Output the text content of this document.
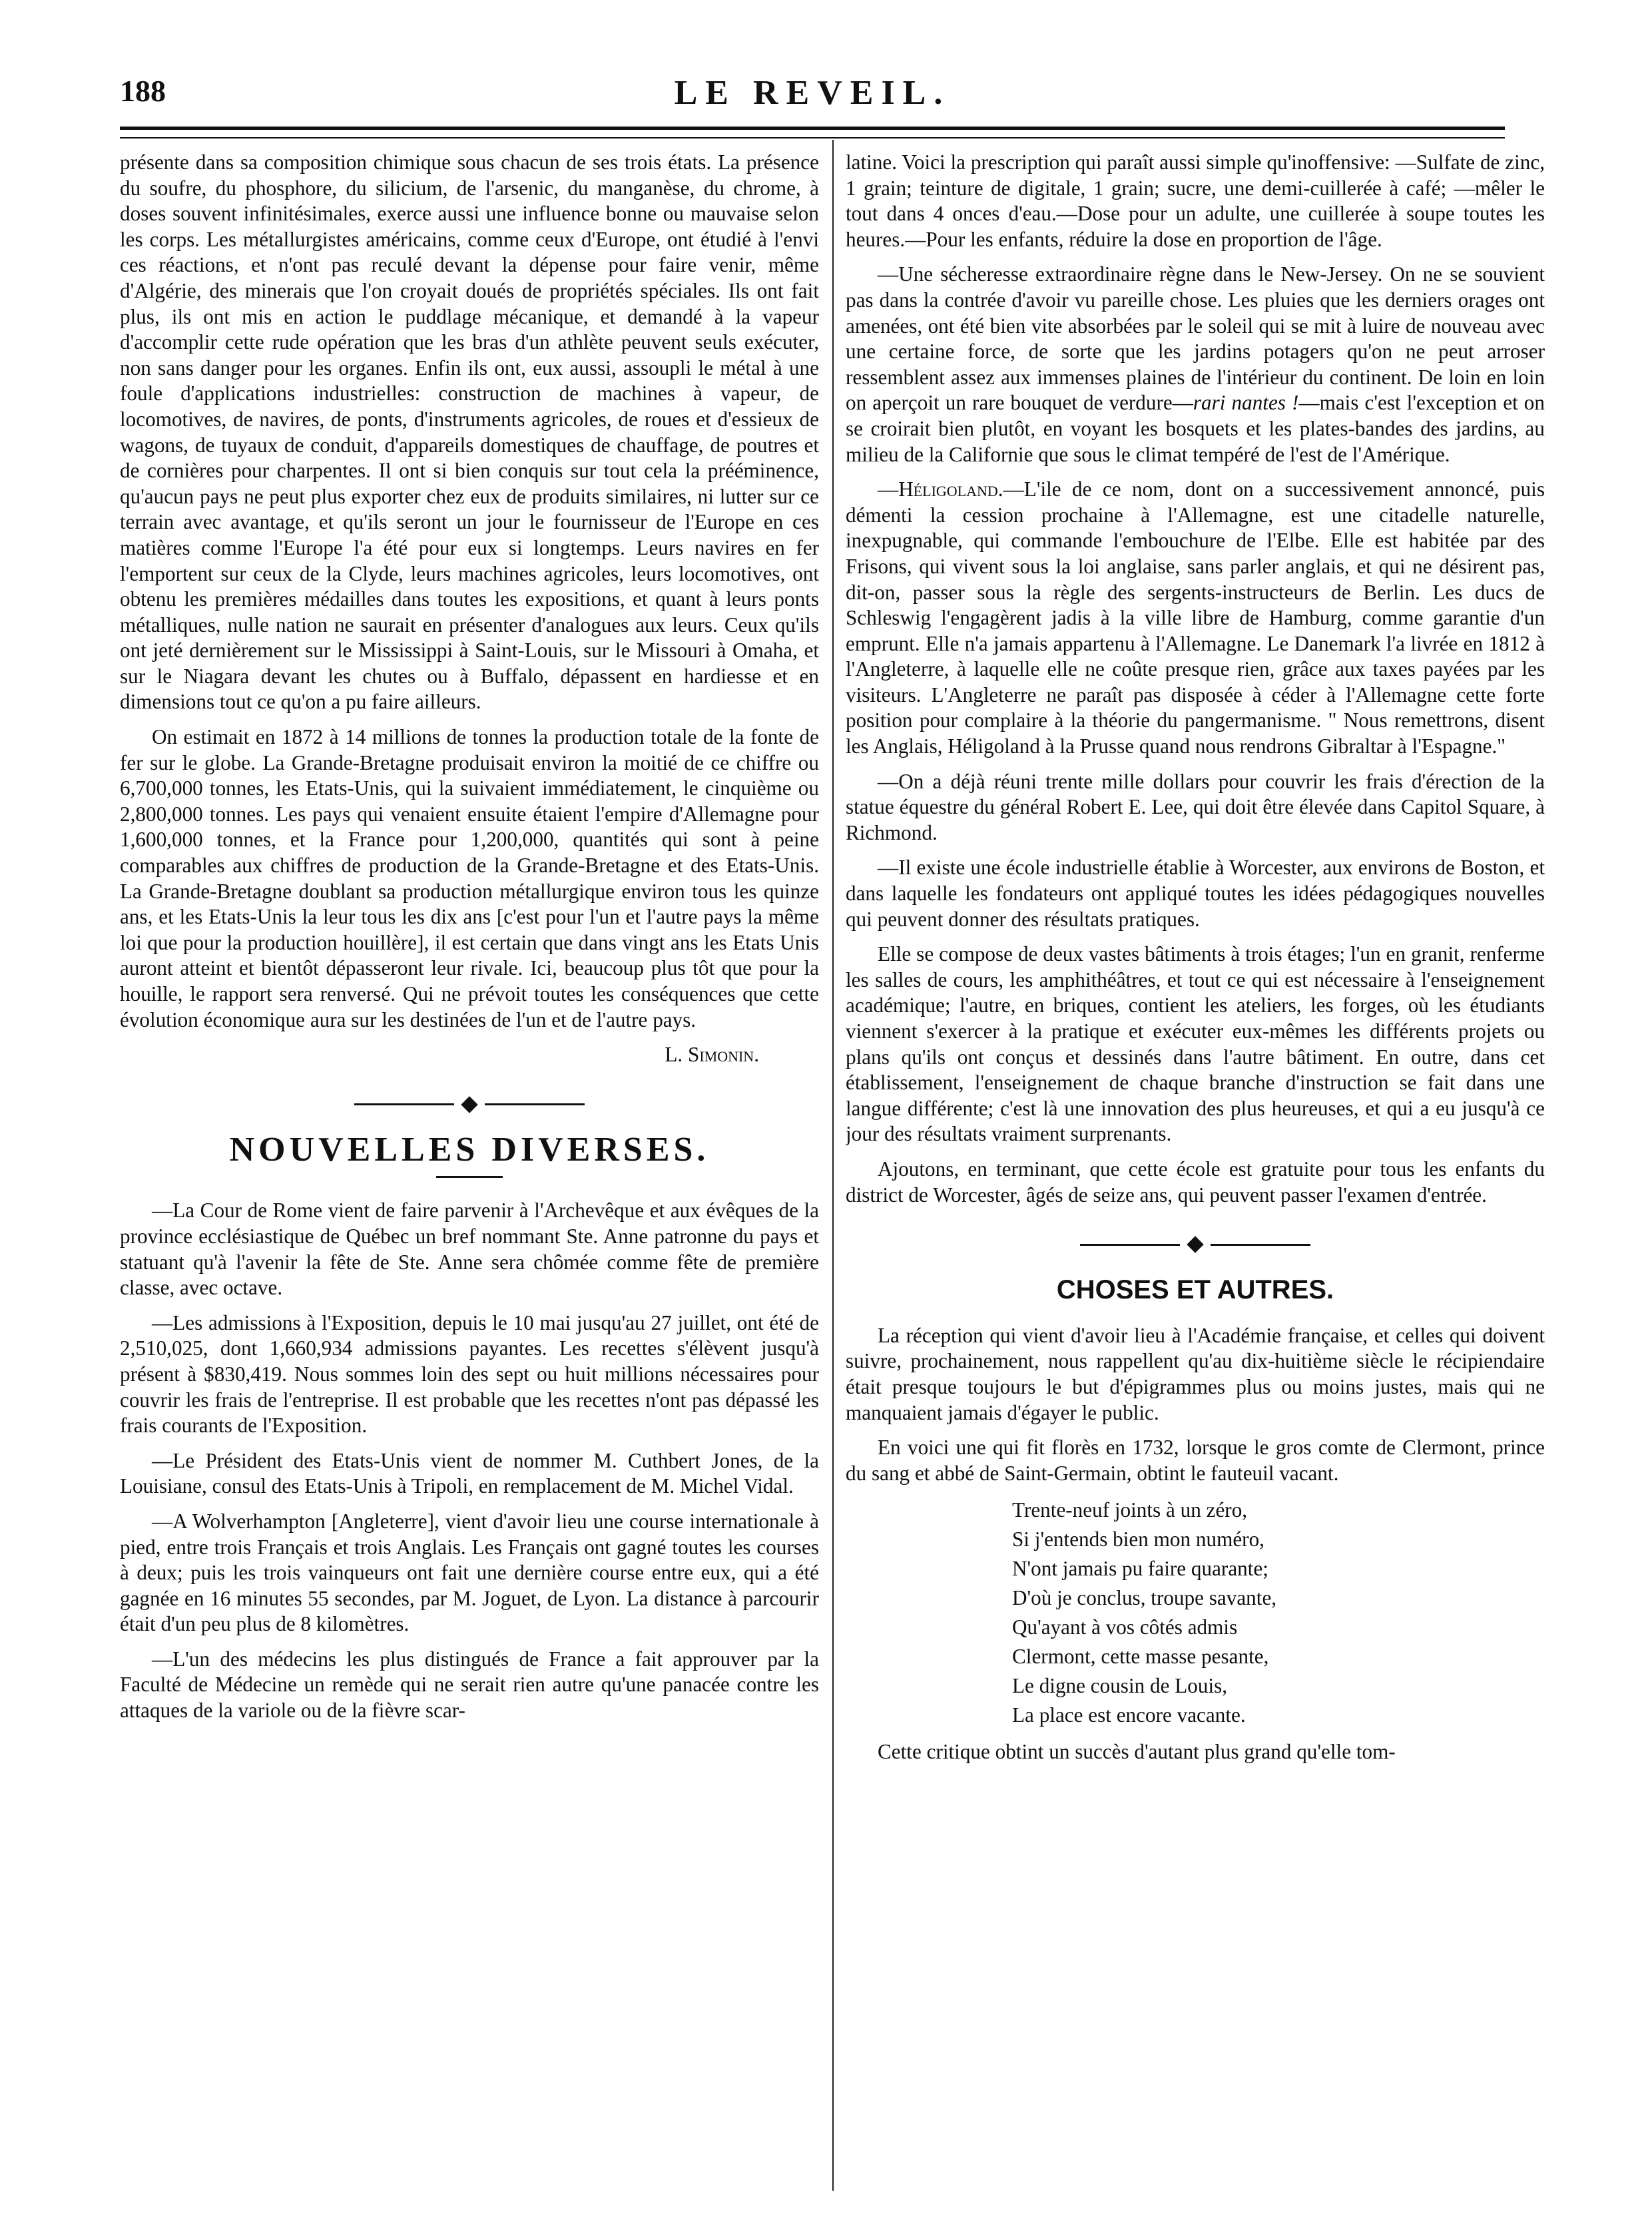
188	LE REVEIL.

présente dans sa composition chimique sous chacun de ses trois états. La présence du soufre, du phosphore, du silicium, de l'arsenic, du manganèse, du chrome, à doses souvent infinitésimales, exerce aussi une influence bonne ou mauvaise selon les corps. Les métallurgistes américains, comme ceux d'Europe, ont étudié à l'envi ces réactions, et n'ont pas reculé devant la dépense pour faire venir, même d'Algérie, des minerais que l'on croyait doués de propriétés spéciales. Ils ont fait plus, ils ont mis en action le puddlage mécanique, et demandé à la vapeur d'accomplir cette rude opération que les bras d'un athlète peuvent seuls exécuter, non sans danger pour les organes. Enfin ils ont, eux aussi, assoupli le métal à une foule d'applications industrielles: construction de machines à vapeur, de locomotives, de navires, de ponts, d'instruments agricoles, de roues et d'essieux de wagons, de tuyaux de conduit, d'appareils domestiques de chauffage, de poutres et de cornières pour charpentes. Il ont si bien conquis sur tout cela la prééminence, qu'aucun pays ne peut plus exporter chez eux de produits similaires, ni lutter sur ce terrain avec avantage, et qu'ils seront un jour le fournisseur de l'Europe en ces matières comme l'Europe l'a été pour eux si longtemps. Leurs navires en fer l'emportent sur ceux de la Clyde, leurs machines agricoles, leurs locomotives, ont obtenu les premières médailles dans toutes les expositions, et quant à leurs ponts métalliques, nulle nation ne saurait en présenter d'analogues aux leurs. Ceux qu'ils ont jeté dernièrement sur le Mississippi à Saint-Louis, sur le Missouri à Omaha, et sur le Niagara devant les chutes ou à Buffalo, dépassent en hardiesse et en dimensions tout ce qu'on a pu faire ailleurs.

On estimait en 1872 à 14 millions de tonnes la production totale de la fonte de fer sur le globe. La Grande-Bretagne produisait environ la moitié de ce chiffre ou 6,700,000 tonnes, les Etats-Unis, qui la suivaient immédiatement, le cinquième ou 2,800,000 tonnes. Les pays qui venaient ensuite étaient l'empire d'Allemagne pour 1,600,000 tonnes, et la France pour 1,200,000, quantités qui sont à peine comparables aux chiffres de production de la Grande-Bretagne et des Etats-Unis. La Grande-Bretagne doublant sa production métallurgique environ tous les quinze ans, et les Etats-Unis la leur tous les dix ans [c'est pour l'un et l'autre pays la même loi que pour la production houillère], il est certain que dans vingt ans les Etats Unis auront atteint et bientôt dépasseront leur rivale. Ici, beaucoup plus tôt que pour la houille, le rapport sera renversé. Qui ne prévoit toutes les conséquences que cette évolution économique aura sur les destinées de l'un et de l'autre pays.

L. Simonin.
NOUVELLES DIVERSES.

—La Cour de Rome vient de faire parvenir à l'Archevêque et aux évêques de la province ecclésiastique de Québec un bref nommant Ste. Anne patronne du pays et statuant qu'à l'avenir la fête de Ste. Anne sera chômée comme fête de première classe, avec octave.

—Les admissions à l'Exposition, depuis le 10 mai jusqu'au 27 juillet, ont été de 2,510,025, dont 1,660,934 admissions payantes. Les recettes s'élèvent jusqu'à présent à $830,419. Nous sommes loin des sept ou huit millions nécessaires pour couvrir les frais de l'entreprise. Il est probable que les recettes n'ont pas dépassé les frais courants de l'Exposition.

—Le Président des Etats-Unis vient de nommer M. Cuthbert Jones, de la Louisiane, consul des Etats-Unis à Tripoli, en remplacement de M. Michel Vidal.

—A Wolverhampton [Angleterre], vient d'avoir lieu une course internationale à pied, entre trois Français et trois Anglais. Les Français ont gagné toutes les courses à deux; puis les trois vainqueurs ont fait une dernière course entre eux, qui a été gagnée en 16 minutes 55 secondes, par M. Joguet, de Lyon. La distance à parcourir était d'un peu plus de 8 kilomètres.

—L'un des médecins les plus distingués de France a fait approuver par la Faculté de Médecine un remède qui ne serait rien autre qu'une panacée contre les attaques de la variole ou de la fièvre scar-

latine. Voici la prescription qui paraît aussi simple qu'inoffensive: —Sulfate de zinc, 1 grain; teinture de digitale, 1 grain; sucre, une demi-cuillerée à café; —mêler le tout dans 4 onces d'eau.—Dose pour un adulte, une cuillerée à soupe toutes les heures.—Pour les enfants, réduire la dose en proportion de l'âge.

—Une sécheresse extraordinaire règne dans le New-Jersey. On ne se souvient pas dans la contrée d'avoir vu pareille chose. Les pluies que les derniers orages ont amenées, ont été bien vite absorbées par le soleil qui se mit à luire de nouveau avec une certaine force, de sorte que les jardins potagers qu'on ne peut arroser ressemblent assez aux immenses plaines de l'intérieur du continent. De loin en loin on aperçoit un rare bouquet de verdure—rari nantes !—mais c'est l'exception et on se croirait bien plutôt, en voyant les bosquets et les plates-bandes des jardins, au milieu de la Californie que sous le climat tempéré de l'est de l'Amérique.

—Héligoland.—L'ile de ce nom, dont on a successivement annoncé, puis démenti la cession prochaine à l'Allemagne, est une citadelle naturelle, inexpugnable, qui commande l'embouchure de l'Elbe. Elle est habitée par des Frisons, qui vivent sous la loi anglaise, sans parler anglais, et qui ne désirent pas, dit-on, passer sous la règle des sergents-instructeurs de Berlin. Les ducs de Schleswig l'engagèrent jadis à la ville libre de Hamburg, comme garantie d'un emprunt. Elle n'a jamais appartenu à l'Allemagne. Le Danemark l'a livrée en 1812 à l'Angleterre, à laquelle elle ne coûte presque rien, grâce aux taxes payées par les visiteurs. L'Angleterre ne paraît pas disposée à céder à l'Allemagne cette forte position pour complaire à la théorie du pangermanisme. " Nous remettrons, disent les Anglais, Héligoland à la Prusse quand nous rendrons Gibraltar à l'Espagne."

—On a déjà réuni trente mille dollars pour couvrir les frais d'érection de la statue équestre du général Robert E. Lee, qui doit être élevée dans Capitol Square, à Richmond.

—Il existe une école industrielle établie à Worcester, aux environs de Boston, et dans laquelle les fondateurs ont appliqué toutes les idées pédagogiques nouvelles qui peuvent donner des résultats pratiques.

Elle se compose de deux vastes bâtiments à trois étages; l'un en granit, renferme les salles de cours, les amphithéâtres, et tout ce qui est nécessaire à l'enseignement académique; l'autre, en briques, contient les ateliers, les forges, où les étudiants viennent s'exercer à la pratique et exécuter eux-mêmes les différents projets ou plans qu'ils ont conçus et dessinés dans l'autre bâtiment. En outre, dans cet établissement, l'enseignement de chaque branche d'instruction se fait dans une langue différente; c'est là une innovation des plus heureuses, et qui a eu jusqu'à ce jour des résultats vraiment surprenants.

Ajoutons, en terminant, que cette école est gratuite pour tous les enfants du district de Worcester, âgés de seize ans, qui peuvent passer l'examen d'entrée.

CHOSES ET AUTRES.

La réception qui vient d'avoir lieu à l'Académie française, et celles qui doivent suivre, prochainement, nous rappellent qu'au dix-huitième siècle le récipiendaire était presque toujours le but d'épigrammes plus ou moins justes, mais qui ne manquaient jamais d'égayer le public.

En voici une qui fit florès en 1732, lorsque le gros comte de Clermont, prince du sang et abbé de Saint-Germain, obtint le fauteuil vacant.

Trente-neuf joints à un zéro,
Si j'entends bien mon numéro,
N'ont jamais pu faire quarante;
D'où je conclus, troupe savante,
Qu'ayant à vos côtés admis
Clermont, cette masse pesante,
Le digne cousin de Louis,
La place est encore vacante.

Cette critique obtint un succès d'autant plus grand qu'elle tom-
